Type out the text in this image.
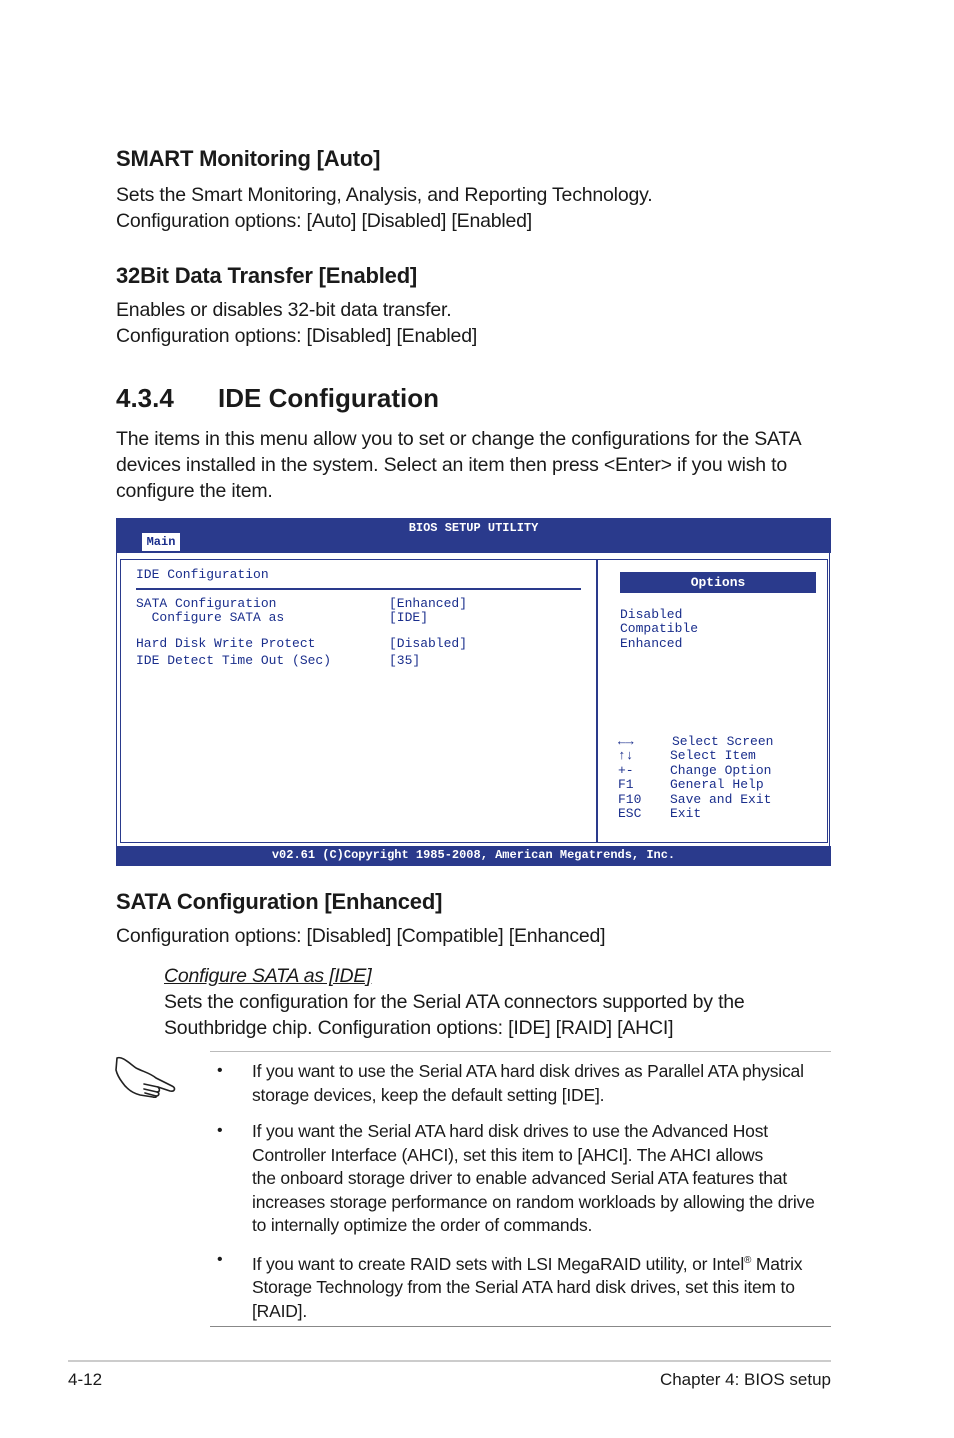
SMART Monitoring [Auto]
Sets the Smart Monitoring, Analysis, and Reporting Technology.
Configuration options: [Auto] [Disabled] [Enabled]
32Bit Data Transfer [Enabled]
Enables or disables 32-bit data transfer.
Configuration options: [Disabled] [Enabled]
4.3.4 IDE Configuration
The items in this menu allow you to set or change the configurations for the SATA
devices installed in the system. Select an item then press <Enter> if you wish to
configure the item.
BIOS SETUP UTILITY
Main
IDE Configuration
SATA Configuration	[Enhanced]
Configure SATA as	[IDE]
Hard Disk Write Protect	[Disabled]
IDE Detect Time Out (Sec)	[35]
Options
Disabled
Compatible
Enhanced
←→	Select Screen
↑↓	Select Item
+-	Change Option
F1	General Help
F10 Save and Exit
ESC Exit
v02.61 (C)Copyright 1985-2008, American Megatrends, Inc.
SATA Configuration [Enhanced]
Configuration options: [Disabled] [Compatible] [Enhanced]
Configure SATA as [IDE]
Sets the configuration for the Serial ATA connectors supported by the
Southbridge chip. Configuration options: [IDE] [RAID] [AHCI]
• If you want to use the Serial ATA hard disk drives as Parallel ATA physical
storage devices, keep the default setting [IDE].
• If you want the Serial ATA hard disk drives to use the Advanced Host
Controller Interface (AHCI), set this item to [AHCI]. The AHCI allows
the onboard storage driver to enable advanced Serial ATA features that
increases storage performance on random workloads by allowing the drive
to internally optimize the order of commands.
• If you want to create RAID sets with LSI MegaRAID utility, or Intel® Matrix
Storage Technology from the Serial ATA hard disk drives, set this item to
[RAID].
4-12	Chapter 4: BIOS setup
